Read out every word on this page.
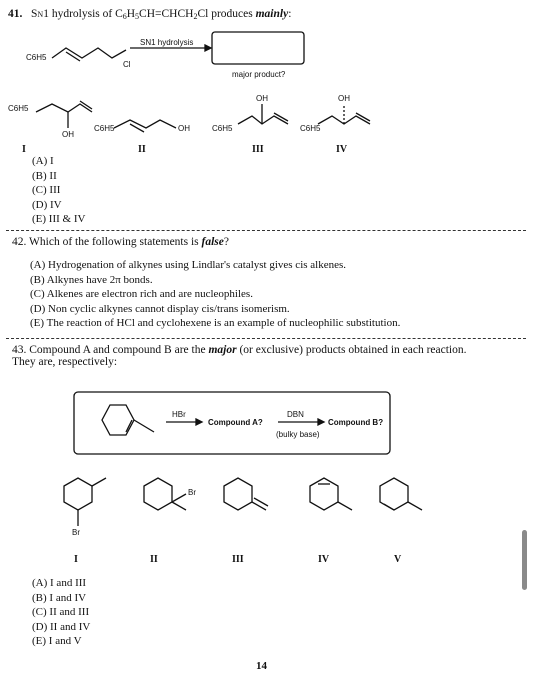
41. SN1 hydrolysis of C6H5CH=CHCH2Cl produces mainly:
C6H5
Cl
SN1 hydrolysis
major product?
C6H5
OH
C6H5	OH	C6H5
OH
C6H5
OH
I	II	III	IV
(A) I
(B) II
(C) III
(D) IV
(E) III & IV
42. Which of the following statements is false?
(A) Hydrogenation of alkynes using Lindlar's catalyst gives cis alkenes.
(B) Alkynes have 2π bonds.
(C) Alkenes are electron rich and are nucleophiles.
(D) Non cyclic alkynes cannot display cis/trans isomerism.
(E) The reaction of HCl and cyclohexene is an example of nucleophilic substitution.
43. Compound A and compound B are the major (or exclusive) products obtained in each reaction.
They are, respectively:
HBr
Compound A?
DBN
(bulky base)
Compound B?
Br
Br
I	II	III	IV	V
(A) I and III
(B) I and IV
(C) II and III
(D) II and IV
(E) I and V
14
